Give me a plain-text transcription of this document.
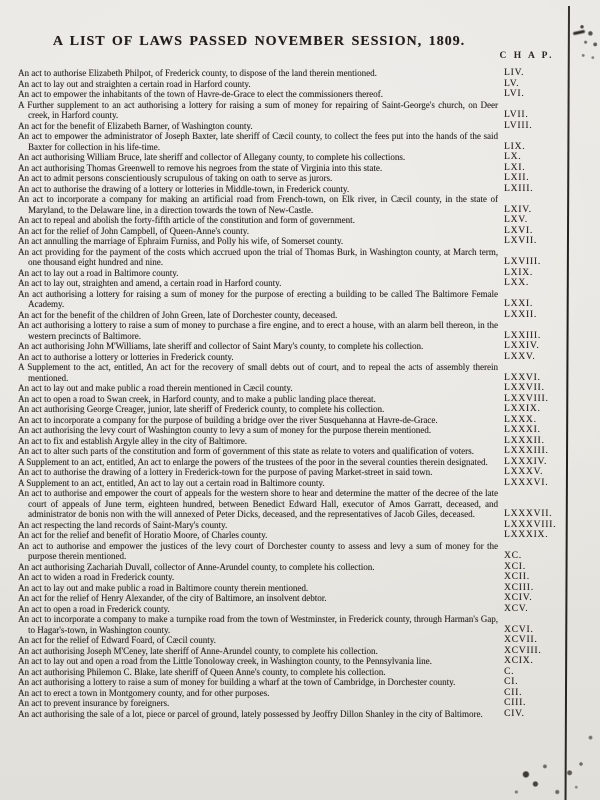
A LIST OF LAWS PASSED NOVEMBER SESSION, 1809.
C H A P.
An act to authorise Elizabeth Philpot, of Frederick county, to dispose of the land therein mentioned.	LIV.
An act to lay out and straighten a certain road in Harford county.	LV.
An act to empower the inhabitants of the town of Havre-de-Grace to elect the commissioners thereof.	LVI.
A Further supplement to an act authorising a lottery for raising a sum of money for repairing of Saint-George's church, on Deer creek, in Harford county.	LVII.
An act for the benefit of Elizabeth Barner, of Washington county.	LVIII.
An act to empower the administrator of Joseph Baxter, late sheriff of Cæcil county, to collect the fees put into the hands of the said Baxter for collection in his life-time.	LIX.
An act authorising William Bruce, late sheriff and collector of Allegany county, to complete his collections.	LX.
An act authorising Thomas Greenwell to remove his negroes from the state of Virginia into this state.	LXI.
An act to admit persons conscientiously scrupulous of taking on oath to serve as jurors.	LXII.
An act to authorise the drawing of a lottery or lotteries in Middle-town, in Frederick county.	LXIII.
An act to incorporate a company for making an artificial road from French-town, on Elk river, in Cæcil county, in the state of Maryland, to the Delaware line, in a direction towards the town of New-Castle.	LXIV.
An act to repeal and abolish the forty-fifth article of the constitution and form of government.	LXV.
An act for the relief of John Campbell, of Queen-Anne's county.	LXVI.
An act annulling the marriage of Ephraim Furniss, and Polly his wife, of Somerset county.	LXVII.
An act providing for the payment of the costs which accrued upon the trial of Thomas Burk, in Washington county, at March term, one thousand eight hundred and nine.	LXVIII.
An act to lay out a road in Baltimore county.	LXIX.
An act to lay out, straighten and amend, a certain road in Harford county.	LXX.
An act authorising a lottery for raising a sum of money for the purpose of erecting a building to be called The Baltimore Female Academy.	LXXI.
An act for the benefit of the children of John Green, late of Dorchester county, deceased.	LXXII.
An act authorising a lottery to raise a sum of money to purchase a fire engine, and to erect a house, with an alarm bell thereon, in the western precincts of Baltimore.	LXXIII.
An act authorising John M'Williams, late sheriff and collector of Saint Mary's county, to complete his collection.	LXXIV.
An act to authorise a lottery or lotteries in Frederick county.	LXXV.
A Supplement to the act, entitled, An act for the recovery of small debts out of court, and to repeal the acts of assembly therein mentioned.	LXXVI.
An act to lay out and make public a road therein mentioned in Cæcil county.	LXXVII.
An act to open a road to Swan creek, in Harford county, and to make a public landing place thereat.	LXXVIII.
An act authorising George Creager, junior, late sheriff of Frederick county, to complete his collection.	LXXIX.
An act to incorporate a company for the purpose of building a bridge over the river Susquehanna at Havre-de-Grace.	LXXX.
An act authorising the levy court of Washington county to levy a sum of money for the purpose therein mentioned.	LXXXI.
An act to fix and establish Argyle alley in the city of Baltimore.	LXXXII.
An act to alter such parts of the constitution and form of government of this state as relate to voters and qualification of voters.	LXXXIII.
A Supplement to an act, entitled, An act to enlarge the powers of the trustees of the poor in the several counties therein designated.	LXXXIV.
An act to authorise the drawing of a lottery in Frederick-town for the purpose of paving Market-street in said town.	LXXXV.
A Supplement to an act, entitled, An act to lay out a certain road in Baltimore county.	LXXXVI.
An act to authorise and empower the court of appeals for the western shore to hear and determine the matter of the decree of the late court of appeals of June term, eighteen hundred, between Benedict Edward Hall, executor of Amos Garratt, deceased, and administrator de bonis non with the will annexed of Peter Dicks, deceased, and the representatives of Jacob Giles, deceased.	LXXXVII.
An act respecting the land records of Saint-Mary's county.	LXXXVIII.
An act for the relief and benefit of Horatio Moore, of Charles county.	LXXXIX.
An act to authorise and empower the justices of the levy court of Dorchester county to assess and levy a sum of money for the purpose therein mentioned.	XC.
An act authorising Zachariah Duvall, collector of Anne-Arundel county, to complete his collection.	XCI.
An act to widen a road in Frederick county.	XCII.
An act to lay out and make public a road in Baltimore county therein mentioned.	XCIII.
An act for the relief of Henry Alexander, of the city of Baltimore, an insolvent debtor.	XCIV.
An act to open a road in Frederick county.	XCV.
An act to incorporate a company to make a turnpike road from the town of Westminster, in Frederick county, through Harman's Gap, to Hagar's-town, in Washington county.	XCVI.
An act for the relief of Edward Foard, of Cæcil county.	XCVII.
An act authorising Joseph M'Ceney, late sheriff of Anne-Arundel county, to complete his collection.	XCVIII.
An act to lay out and open a road from the Little Tonoloway creek, in Washington county, to the Pennsylvania line.	XCIX.
An act authorising Philemon C. Blake, late sheriff of Queen Anne's county, to complete his collection.	C.
An act authorising a lottery to raise a sum of money for building a wharf at the town of Cambridge, in Dorchester county.	CI.
An act to erect a town in Montgomery county, and for other purposes.	CII.
An act to prevent insurance by foreigners.	CIII.
An act authorising the sale of a lot, piece or parcel of ground, lately possessed by Jeoffry Dillon Shanley in the city of Baltimore.	CIV.
